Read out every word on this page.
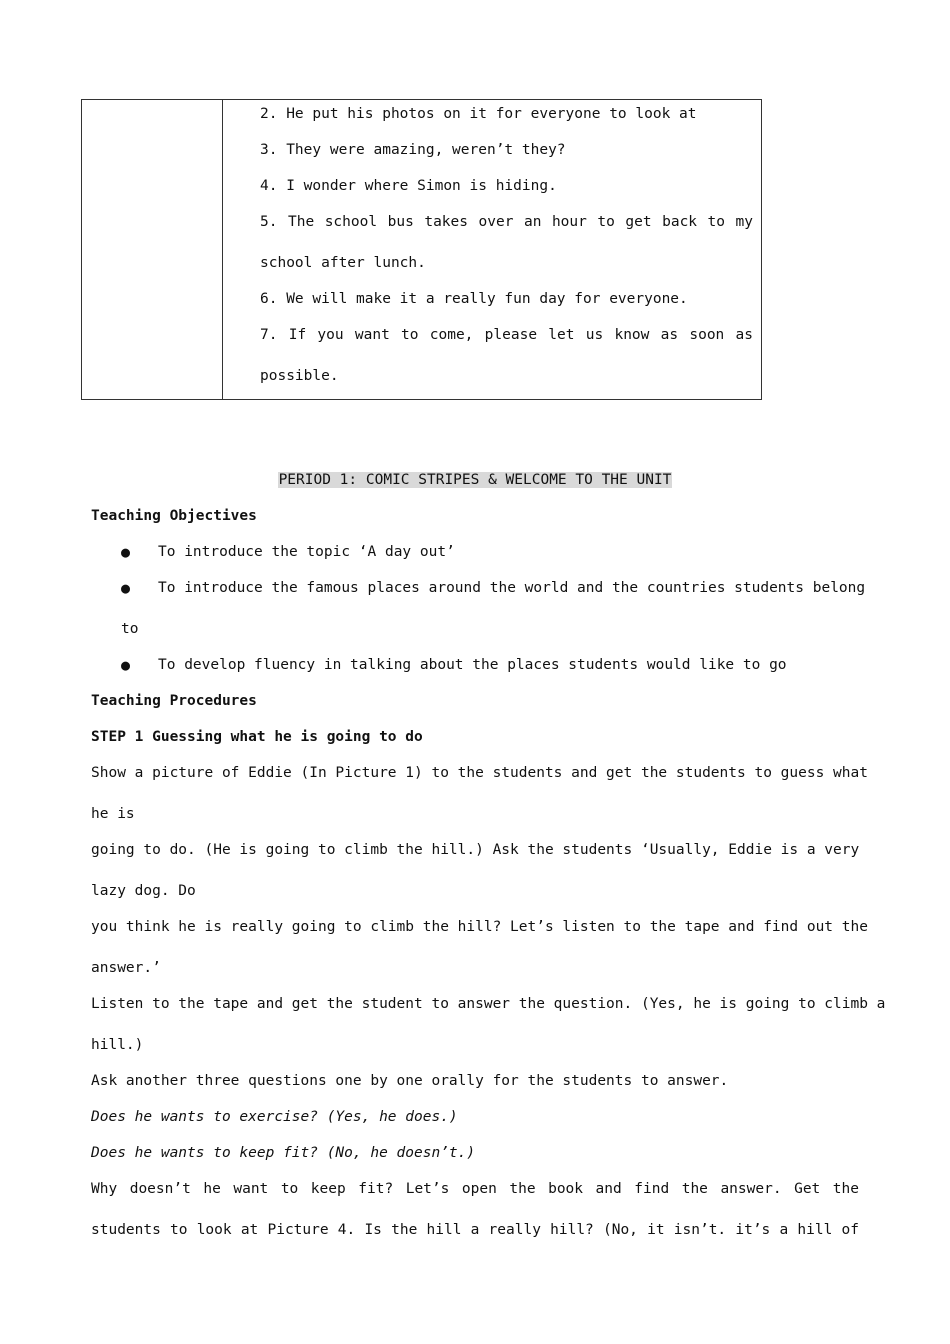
2. He put his photos on it for everyone to look at
3. They were amazing, weren’t they?
4. I wonder where Simon is hiding.
5. The school bus takes over an hour to get back to my
school after lunch.
6. We will make it a really fun day for everyone.
7. If you want to come, please let us know as soon as
possible.
PERIOD 1: COMIC STRIPES & WELCOME TO THE UNIT
Teaching Objectives
● To introduce the topic ‘A day out’
● To introduce the famous places around the world and the countries students belong
to
● To develop fluency in talking about the places students would like to go
Teaching Procedures
STEP 1 Guessing what he is going to do
Show a picture of Eddie (In Picture 1) to the students and get the students to guess what
he is
going to do. (He is going to climb the hill.) Ask the students ‘Usually, Eddie is a very
lazy dog. Do
you think he is really going to climb the hill? Let’s listen to the tape and find out the
answer.’
Listen to the tape and get the student to answer the question. (Yes, he is going to climb a
hill.)
Ask another three questions one by one orally for the students to answer.
Does he wants to exercise? (Yes, he does.)
Does he wants to keep fit? (No, he doesn’t.)
Why doesn’t he want to keep fit? Let’s open the book and find the answer. Get the
students to look at Picture 4. Is the hill a really hill? (No, it isn’t. it’s a hill of
